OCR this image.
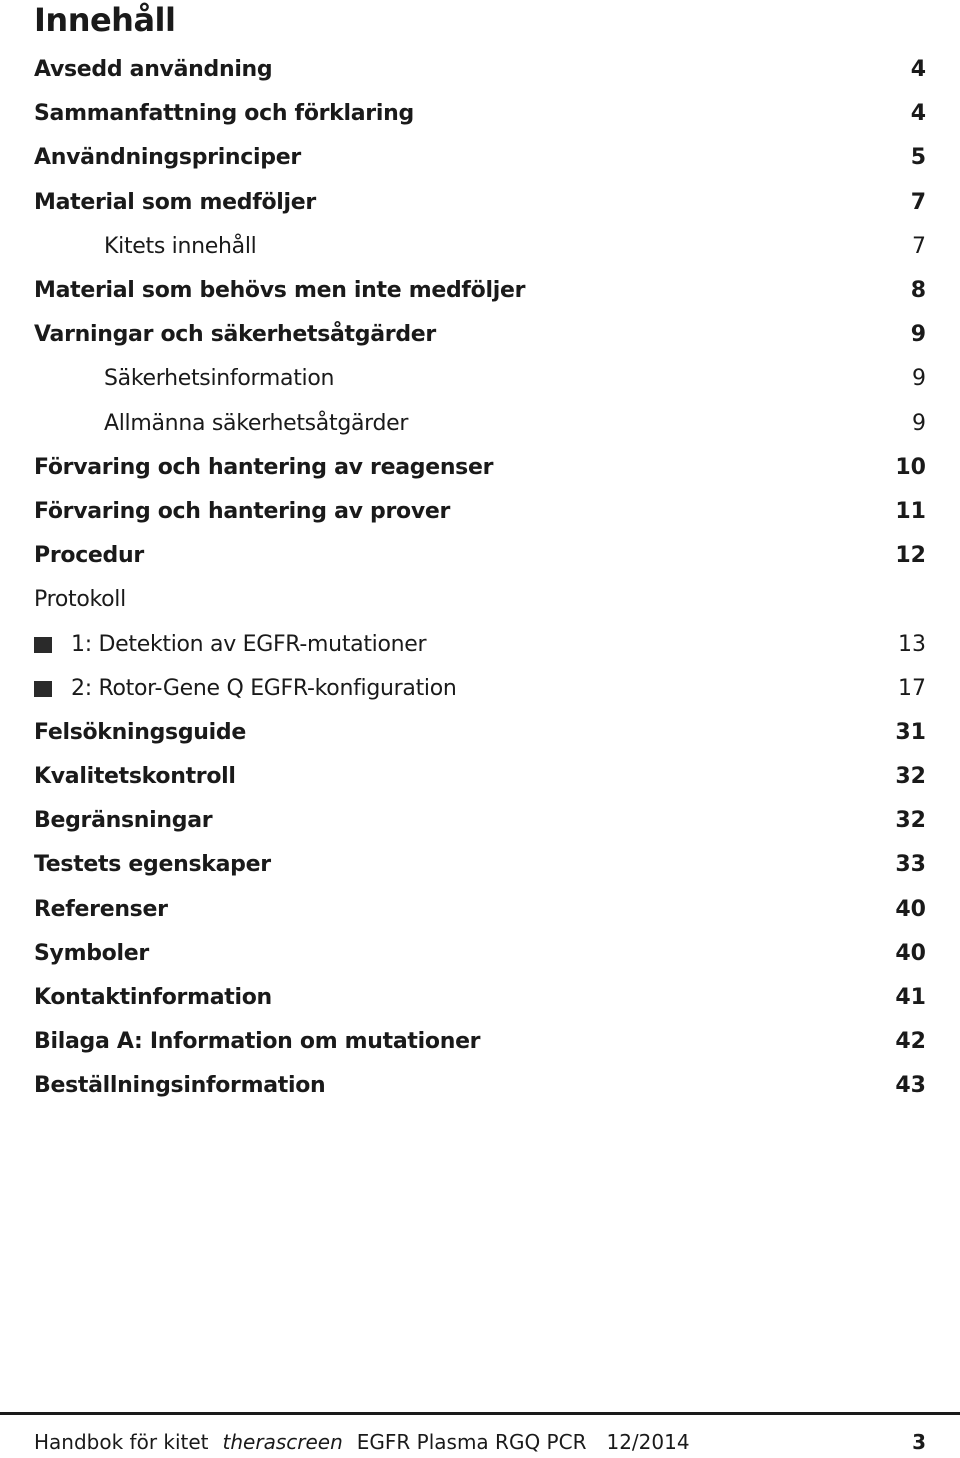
Innehåll
Avsedd användning	4
Sammanfattning och förklaring	4
Användningsprinciper	5
Material som medföljer	7
Kitets innehåll	7
Material som behövs men inte medföljer	8
Varningar och säkerhetsåtgärder	9
Säkerhetsinformation	9
Allmänna säkerhetsåtgärder	9
Förvaring och hantering av reagenser	10
Förvaring och hantering av prover	11
Procedur	12
Protokoll
1: Detektion av EGFR-mutationer	13
2: Rotor-Gene Q EGFR-konfiguration	17
Felsökningsguide	31
Kvalitetskontroll	32
Begränsningar	32
Testets egenskaper	33
Referenser	40
Symboler	40
Kontaktinformation	41
Bilaga A: Information om mutationer	42
Beställningsinformation	43
Handbok för kitet
therascreen
EGFR Plasma RGQ PCR 12/2014	3
